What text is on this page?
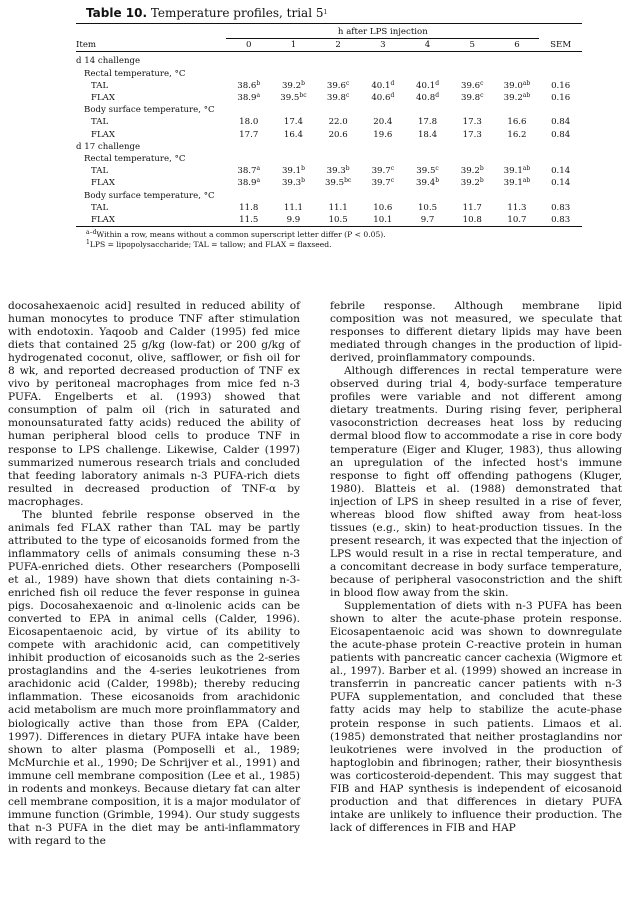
Table 10. Temperature profiles, trial $5^1$

	h after LPS injection							

Item	0	1	2	3	4	5	6	SEM
d 14 challenge								
Rectal temperature, °C								
TAL	38.6$^b$	39.2$^b$	39.6$^c$	40.1$^d$	40.1$^d$	39.6$^c$	39.0$^{ab}$	0.16
FLAX	38.9$^a$	39.5$^{bc}$	39.8$^c$	40.6$^d$	40.8$^d$	39.8$^c$	39.2$^{ab}$	0.16
Body surface temperature, °C								
TAL	18.0	17.4	22.0	20.4	17.8	17.3	16.6	0.84
FLAX	17.7	16.4	20.6	19.6	18.4	17.3	16.2	0.84
d 17 challenge								
Rectal temperature, °C								
TAL	38.7$^a$	39.1$^b$	39.3$^b$	39.7$^c$	39.5$^c$	39.2$^b$	39.1$^{ab}$	0.14
FLAX	38.9$^a$	39.3$^b$	39.5$^{bc}$	39.7$^c$	39.4$^b$	39.2$^b$	39.1$^{ab}$	0.14
Body surface temperature, °C								
TAL	11.8	11.1	11.1	10.6	10.5	11.7	11.3	0.83
FLAX	11.5	9.9	10.5	10.1	9.7	10.8	10.7	0.83
$^{a-d}$Within a row, means without a common superscript letter differ (P < 0.05).
$^1$LPS = lipopolysaccharide; TAL = tallow; and FLAX = flaxseed.

docosahexaenoic acid] resulted in reduced ability of human monocytes to produce TNF after stimulation with endotoxin. Yaqoob and Calder (1995) fed mice diets that contained 25 g/kg (low-fat) or 200 g/kg of hydrogenated coconut, olive, safflower, or fish oil for 8 wk, and reported decreased production of TNF ex vivo by peritoneal macrophages from mice fed n-3 PUFA. Engelberts et al. (1993) showed that consumption of palm oil (rich in saturated and monounsaturated fatty acids) reduced the ability of human peripheral blood cells to produce TNF in response to LPS challenge. Likewise, Calder (1997) summarized numerous research trials and concluded that feeding laboratory animals n-3 PUFA-rich diets resulted in decreased production of TNF-α by macrophages.

The blunted febrile response observed in the animals fed FLAX rather than TAL may be partly attributed to the type of eicosanoids formed from the inflammatory cells of animals consuming these n-3 PUFA-enriched diets. Other researchers (Pomposelli et al., 1989) have shown that diets containing n-3-enriched fish oil reduce the fever response in guinea pigs. Docosahexaenoic and α-linolenic acids can be converted to EPA in animal cells (Calder, 1996). Eicosapentaenoic acid, by virtue of its ability to compete with arachidonic acid, can competitively inhibit production of eicosanoids such as the 2-series prostaglandins and the 4-series leukotrienes from arachidonic acid (Calder, 1998b); thereby reducing inflammation. These eicosanoids from arachidonic acid metabolism are much more proinflammatory and biologically active than those from EPA (Calder, 1997). Differences in dietary PUFA intake have been shown to alter plasma (Pomposelli et al., 1989; McMurchie et al., 1990; De Schrijver et al., 1991) and immune cell membrane composition (Lee et al., 1985) in rodents and monkeys. Because dietary fat can alter cell membrane composition, it is a major modulator of immune function (Grimble, 1994). Our study suggests that n-3 PUFA in the diet may be anti-inflammatory with regard to the

febrile response. Although membrane lipid composition was not measured, we speculate that responses to different dietary lipids may have been mediated through changes in the production of lipid-derived, proinflammatory compounds.

Although differences in rectal temperature were observed during trial 4, body-surface temperature profiles were variable and not different among dietary treatments. During rising fever, peripheral vasoconstriction decreases heat loss by reducing dermal blood flow to accommodate a rise in core body temperature (Eiger and Kluger, 1983), thus allowing an upregulation of the infected host's immune response to fight off offending pathogens (Kluger, 1980). Blatteis et al. (1988) demonstrated that injection of LPS in sheep resulted in a rise of fever, whereas blood flow shifted away from heat-loss tissues (e.g., skin) to heat-production tissues. In the present research, it was expected that the injection of LPS would result in a rise in rectal temperature, and a concomitant decrease in body surface temperature, because of peripheral vasoconstriction and the shift in blood flow away from the skin.

Supplementation of diets with n-3 PUFA has been shown to alter the acute-phase protein response. Eicosapentaenoic acid was shown to downregulate the acute-phase protein C-reactive protein in human patients with pancreatic cancer cachexia (Wigmore et al., 1997). Barber et al. (1999) showed an increase in transferrin in pancreatic cancer patients with n-3 PUFA supplementation, and concluded that these fatty acids may help to stabilize the acute-phase protein response in such patients. Limaos et al. (1985) demonstrated that neither prostaglandins nor leukotrienes were involved in the production of haptoglobin and fibrinogen; rather, their biosynthesis was corticosteroid-dependent. This may suggest that FIB and HAP synthesis is independent of eicosanoid production and that differences in dietary PUFA intake are unlikely to influence their production. The lack of differences in FIB and HAP
